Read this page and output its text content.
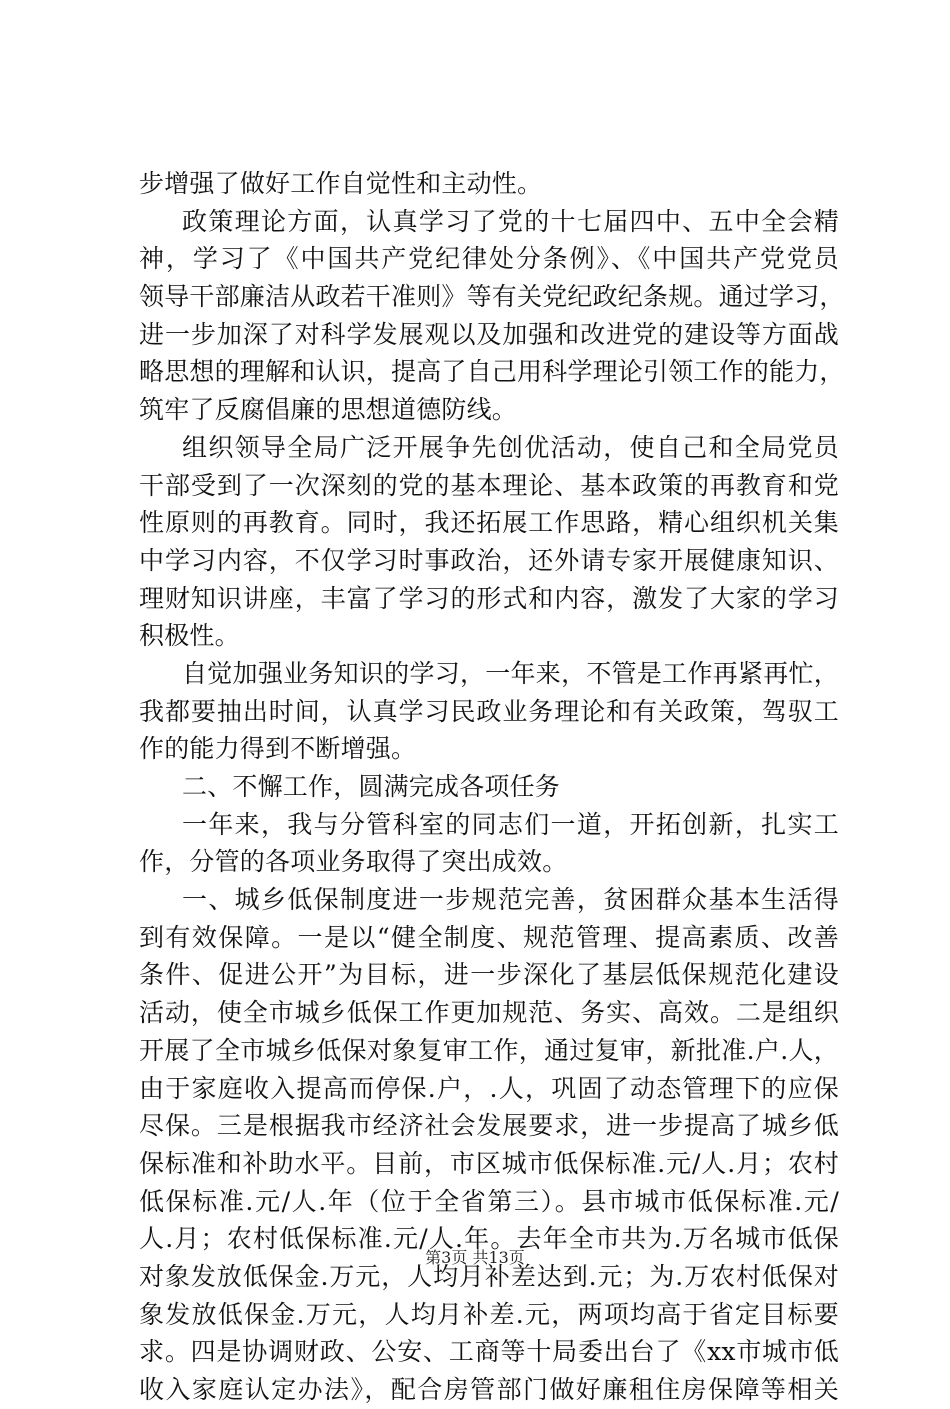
步增强了做好工作自觉性和主动性。
政策理论方面，认真学习了党的十七届四中、五中全会精
神，学习了《中国共产党纪律处分条例》、《中国共产党党员
领导干部廉洁从政若干准则》等有关党纪政纪条规。通过学习，
进一步加深了对科学发展观以及加强和改进党的建设等方面战
略思想的理解和认识，提高了自己用科学理论引领工作的能力，
筑牢了反腐倡廉的思想道德防线。
组织领导全局广泛开展争先创优活动，使自己和全局党员
干部受到了一次深刻的党的基本理论、基本政策的再教育和党
性原则的再教育。同时，我还拓展工作思路，精心组织机关集
中学习内容，不仅学习时事政治，还外请专家开展健康知识、
理财知识讲座，丰富了学习的形式和内容，激发了大家的学习
积极性。
自觉加强业务知识的学习，一年来，不管是工作再紧再忙，
我都要抽出时间，认真学习民政业务理论和有关政策，驾驭工
作的能力得到不断增强。
二、不懈工作，圆满完成各项任务
一年来，我与分管科室的同志们一道，开拓创新，扎实工
作，分管的各项业务取得了突出成效。
一、城乡低保制度进一步规范完善，贫困群众基本生活得
到有效保障。一是以“健全制度、规范管理、提高素质、改善
条件、促进公开”为目标，进一步深化了基层低保规范化建设
活动，使全市城乡低保工作更加规范、务实、高效。二是组织
开展了全市城乡低保对象复审工作，通过复审，新批准.户.人，
由于家庭收入提高而停保.户，.人，巩固了动态管理下的应保
尽保。三是根据我市经济社会发展要求，进一步提高了城乡低
保标准和补助水平。目前，市区城市低保标准.元/人.月；农村
低保标准.元/人.年（位于全省第三）。县市城市低保标准.元/
人.月；农村低保标准.元/人.年。去年全市共为.万名城市低保
对象发放低保金.万元，人均月补差达到.元；为.万农村低保对
象发放低保金.万元，人均月补差.元，两项均高于省定目标要
求。四是协调财政、公安、工商等十局委出台了《xx市城市低
收入家庭认定办法》，配合房管部门做好廉租住房保障等相关
第3页 共13页
